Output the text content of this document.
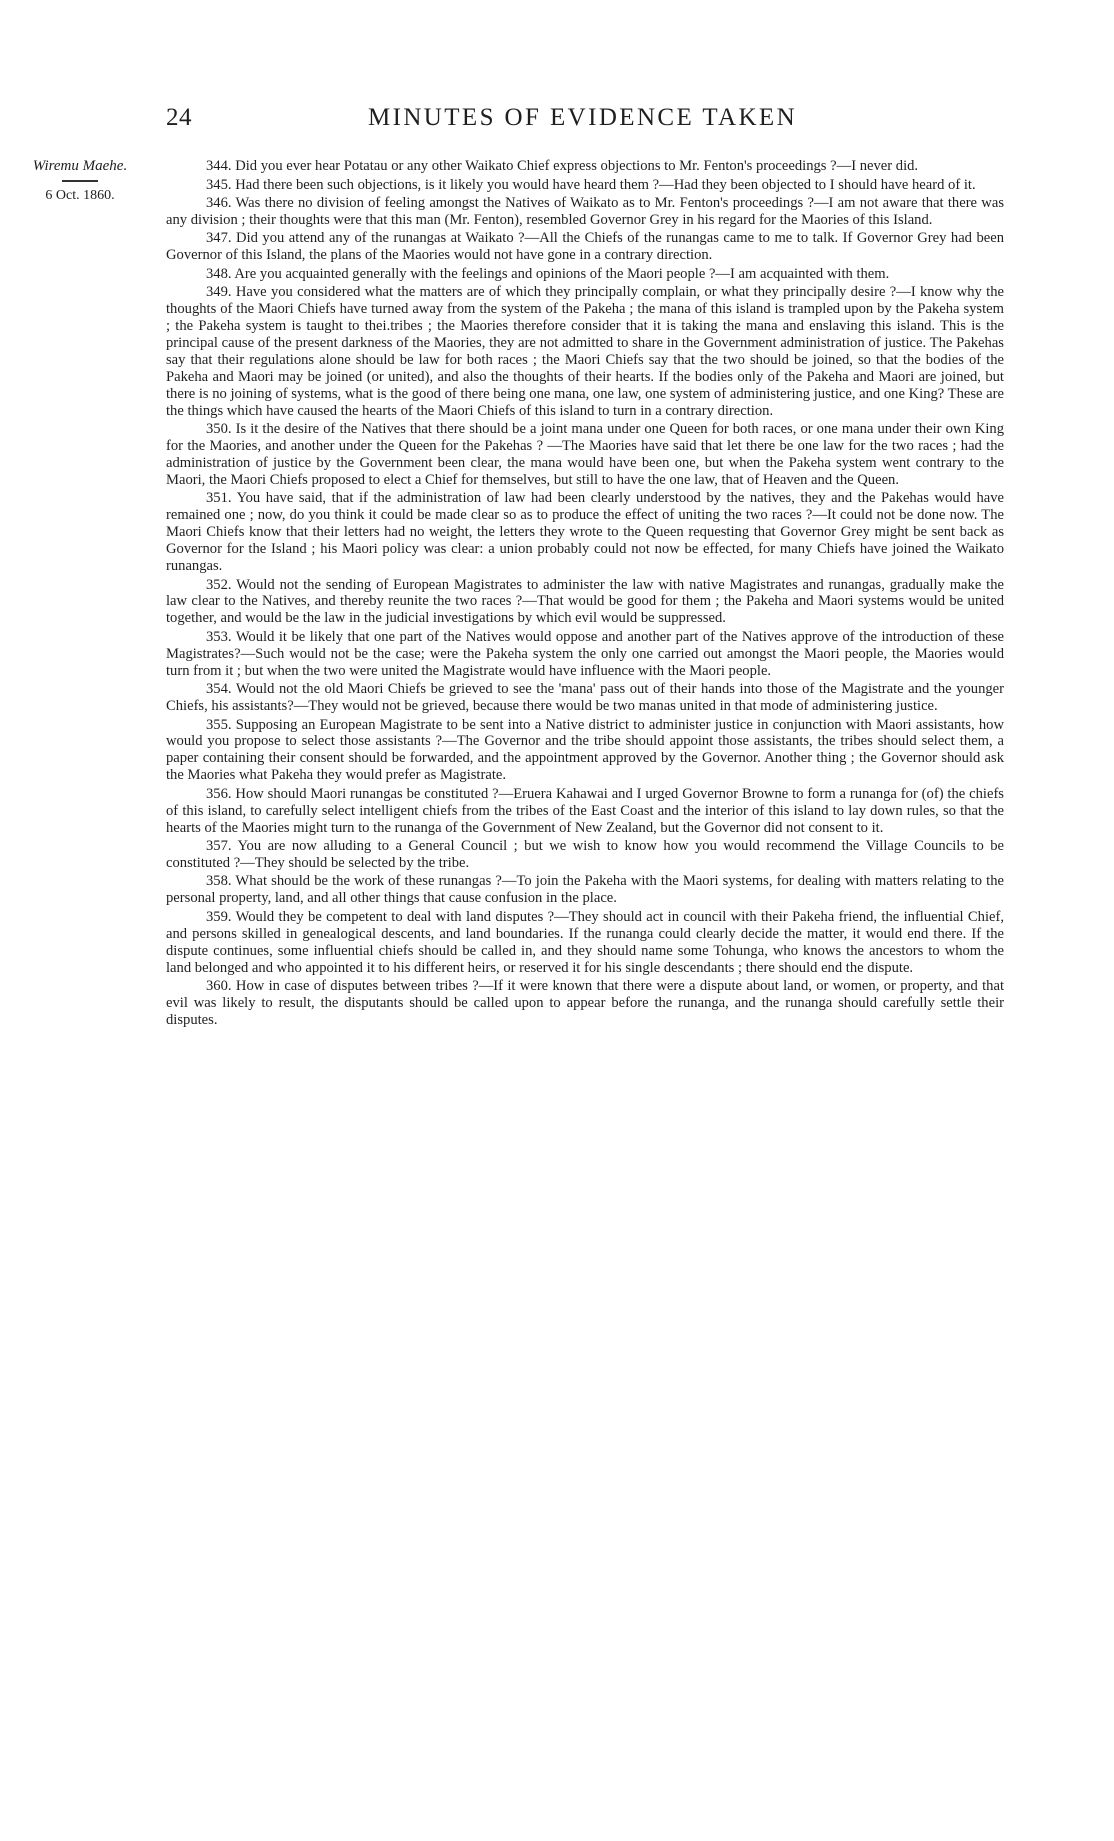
24	MINUTES OF EVIDENCE TAKEN
Wiremu Maehe.
6 Oct. 1860.

344. Did you ever hear Potatau or any other Waikato Chief express objections to Mr. Fenton's proceedings ?—I never did.

345. Had there been such objections, is it likely you would have heard them ?—Had they been objected to I should have heard of it.

346. Was there no division of feeling amongst the Natives of Waikato as to Mr. Fenton's proceedings ?—I am not aware that there was any division ; their thoughts were that this man (Mr. Fenton), resembled Governor Grey in his regard for the Maories of this Island.

347. Did you attend any of the runangas at Waikato ?—All the Chiefs of the runangas came to me to talk. If Governor Grey had been Governor of this Island, the plans of the Maories would not have gone in a contrary direction.

348. Are you acquainted generally with the feelings and opinions of the Maori people ?—I am acquainted with them.

349. Have you considered what the matters are of which they principally complain, or what they principally desire ?—I know why the thoughts of the Maori Chiefs have turned away from the system of the Pakeha ; the mana of this island is trampled upon by the Pakeha system ; the Pakeha system is taught to thei.tribes ; the Maories therefore consider that it is taking the mana and enslaving this island. This is the principal cause of the present darkness of the Maories, they are not admitted to share in the Government administration of justice. The Pakehas say that their regulations alone should be law for both races ; the Maori Chiefs say that the two should be joined, so that the bodies of the Pakeha and Maori may be joined (or united), and also the thoughts of their hearts. If the bodies only of the Pakeha and Maori are joined, but there is no joining of systems, what is the good of there being one mana, one law, one system of administering justice, and one King? These are the things which have caused the hearts of the Maori Chiefs of this island to turn in a contrary direction.

350. Is it the desire of the Natives that there should be a joint mana under one Queen for both races, or one mana under their own King for the Maories, and another under the Queen for the Pakehas ? —The Maories have said that let there be one law for the two races ; had the administration of justice by the Government been clear, the mana would have been one, but when the Pakeha system went contrary to the Maori, the Maori Chiefs proposed to elect a Chief for themselves, but still to have the one law, that of Heaven and the Queen.

351. You have said, that if the administration of law had been clearly understood by the natives, they and the Pakehas would have remained one ; now, do you think it could be made clear so as to produce the effect of uniting the two races ?—It could not be done now. The Maori Chiefs know that their letters had no weight, the letters they wrote to the Queen requesting that Governor Grey might be sent back as Governor for the Island ; his Maori policy was clear: a union probably could not now be effected, for many Chiefs have joined the Waikato runangas.

352. Would not the sending of European Magistrates to administer the law with native Magistrates and runangas, gradually make the law clear to the Natives, and thereby reunite the two races ?—That would be good for them ; the Pakeha and Maori systems would be united together, and would be the law in the judicial investigations by which evil would be suppressed.

353. Would it be likely that one part of the Natives would oppose and another part of the Natives approve of the introduction of these Magistrates?—Such would not be the case; were the Pakeha system the only one carried out amongst the Maori people, the Maories would turn from it ; but when the two were united the Magistrate would have influence with the Maori people.

354. Would not the old Maori Chiefs be grieved to see the 'mana' pass out of their hands into those of the Magistrate and the younger Chiefs, his assistants?—They would not be grieved, because there would be two manas united in that mode of administering justice.

355. Supposing an European Magistrate to be sent into a Native district to administer justice in conjunction with Maori assistants, how would you propose to select those assistants ?—The Governor and the tribe should appoint those assistants, the tribes should select them, a paper containing their consent should be forwarded, and the appointment approved by the Governor. Another thing ; the Governor should ask the Maories what Pakeha they would prefer as Magistrate.

356. How should Maori runangas be constituted ?—Eruera Kahawai and I urged Governor Browne to form a runanga for (of) the chiefs of this island, to carefully select intelligent chiefs from the tribes of the East Coast and the interior of this island to lay down rules, so that the hearts of the Maories might turn to the runanga of the Government of New Zealand, but the Governor did not consent to it.

357. You are now alluding to a General Council ; but we wish to know how you would recommend the Village Councils to be constituted ?—They should be selected by the tribe.

358. What should be the work of these runangas ?—To join the Pakeha with the Maori systems, for dealing with matters relating to the personal property, land, and all other things that cause confusion in the place.

359. Would they be competent to deal with land disputes ?—They should act in council with their Pakeha friend, the influential Chief, and persons skilled in genealogical descents, and land boundaries. If the runanga could clearly decide the matter, it would end there. If the dispute continues, some influential chiefs should be called in, and they should name some Tohunga, who knows the ancestors to whom the land belonged and who appointed it to his different heirs, or reserved it for his single descendants ; there should end the dispute.

360. How in case of disputes between tribes ?—If it were known that there were a dispute about land, or women, or property, and that evil was likely to result, the disputants should be called upon to appear before the runanga, and the runanga should carefully settle their disputes.
